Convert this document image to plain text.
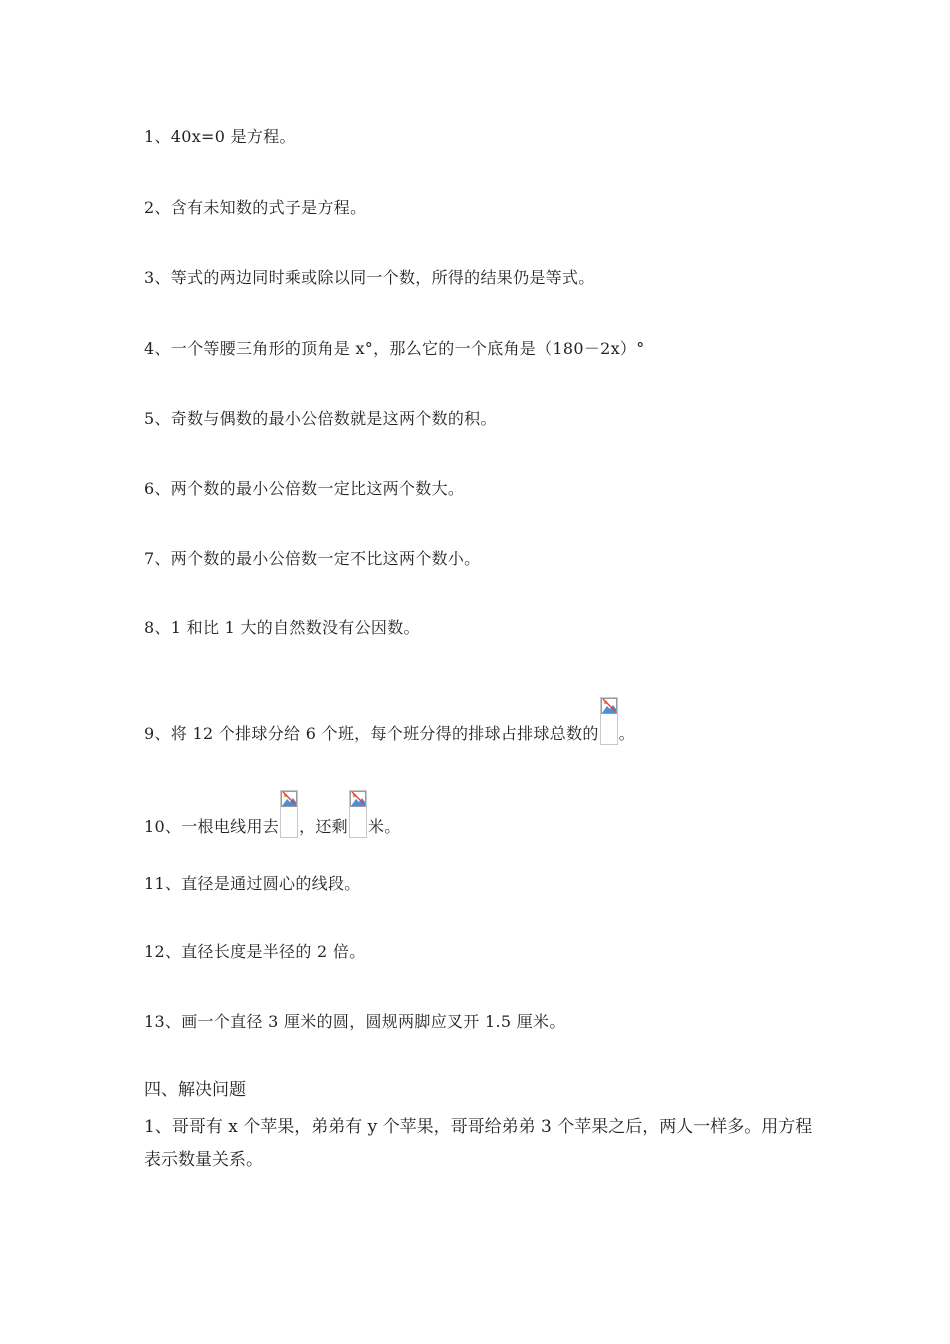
1、40x=0 是方程。
2、含有未知数的式子是方程。
3、等式的两边同时乘或除以同一个数，所得的结果仍是等式。
4、一个等腰三角形的顶角是 x°，那么它的一个底角是（180－2x）°
5、奇数与偶数的最小公倍数就是这两个数的积。
6、两个数的最小公倍数一定比这两个数大。
7、两个数的最小公倍数一定不比这两个数小。
8、1 和比 1 大的自然数没有公因数。
9、将 12 个排球分给 6 个班，每个班分得的排球占排球总数的 。
10、一根电线用去 ，还剩 米。
11、直径是通过圆心的线段。
12、直径长度是半径的 2 倍。
13、画一个直径 3 厘米的圆，圆规两脚应叉开 1.5 厘米。
四、解决问题
1、哥哥有 x 个苹果，弟弟有 y 个苹果，哥哥给弟弟 3 个苹果之后，两人一样多。用方程表示数量关系。
